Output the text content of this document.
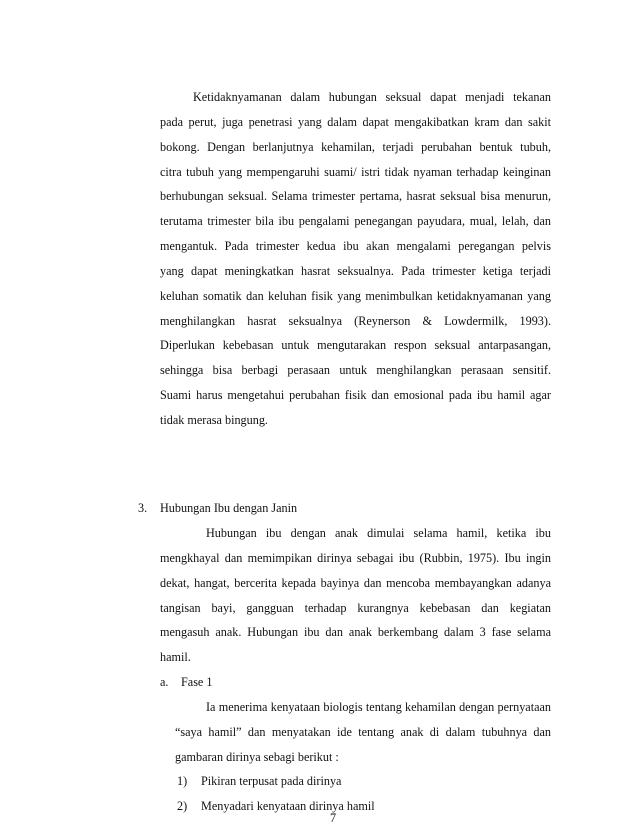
Ketidaknyamanan dalam hubungan seksual dapat menjadi tekanan
pada perut, juga penetrasi yang dalam dapat mengakibatkan kram dan sakit
bokong. Dengan berlanjutnya kehamilan, terjadi perubahan bentuk tubuh,
citra tubuh yang mempengaruhi suami/ istri tidak nyaman terhadap keinginan
berhubungan seksual. Selama trimester pertama, hasrat seksual bisa menurun,
terutama trimester bila ibu pengalami penegangan payudara, mual, lelah, dan
mengantuk. Pada trimester kedua ibu akan mengalami peregangan pelvis
yang dapat meningkatkan hasrat seksualnya. Pada trimester ketiga terjadi
keluhan somatik dan keluhan fisik yang menimbulkan ketidaknyamanan yang
menghilangkan hasrat seksualnya (Reynerson & Lowdermilk, 1993).
Diperlukan kebebasan untuk mengutarakan respon seksual antarpasangan,
sehingga bisa berbagi perasaan untuk menghilangkan perasaan sensitif.
Suami harus mengetahui perubahan fisik dan emosional pada ibu hamil agar
tidak merasa bingung.
3. Hubungan Ibu dengan Janin
Hubungan ibu dengan anak dimulai selama hamil, ketika ibu
mengkhayal dan memimpikan dirinya sebagai ibu (Rubbin, 1975). Ibu ingin
dekat, hangat, bercerita kepada bayinya dan mencoba membayangkan adanya
tangisan bayi, gangguan terhadap kurangnya kebebasan dan kegiatan
mengasuh anak. Hubungan ibu dan anak berkembang dalam 3 fase selama
hamil.
a. Fase 1
Ia menerima kenyataan biologis tentang kehamilan dengan pernyataan
“saya hamil” dan menyatakan ide tentang anak di dalam tubuhnya dan
gambaran dirinya sebagi berikut :
1) Pikiran terpusat pada dirinya
2) Menyadari kenyataan dirinya hamil
7
